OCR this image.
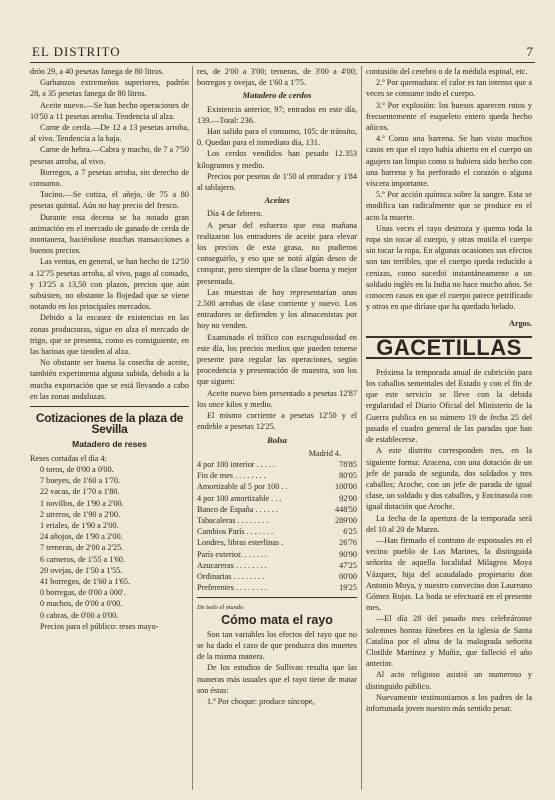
EL DISTRITO	7

drón 29, a 40 pesetas fanega de 80 litros.

Garbanzos extremeños superiores, padrón 28, a 35 pesetas fanega de 80 litros.

Aceite nuevo.—Se han hecho operaciones de 10'50 a 11 pesetas arroba. Tendencia al alza.

Carne de cerda.—De 12 a 13 pesetas arroba, al vivo. Tendencia a la baja.

Carne de hebra.—Cabra y macho, de 7 a 7'50 pesetas arroba, al vivo.

Borregos, a 7 pesetas arroba, sin derecho de consumo.

Tocino.—Se cotiza, el añejo, de 75 a 80 pesetas quintal. Aún no hay precio del fresco.

Durante esta decena se ha notado gran animación en el mercado de ganado de cerda de montanera, haciéndose muchas transacciones a buenos precios.

Las ventas, en general, se han hecho de 12'50 a 12'75 pesetas arroba, al vivo, pago al contado, y 13'25 a 13,50 con plazos, precios que aún subsisten, no obstante la flojedad que se viene notando en los principales mercados.

Debido a la escasez de existencias en las zonas productoras, sigue en alza el mercado de trigo, que se presenta, como es consiguiente, en las harinas que tienden al alza.

No obstante ser buena la cosecha de aceite, también experimenta alguna subida, debido a la mucha exportación que se está llevando a cabo en las zonas andaluzas.

Cotizaciones de la plaza de Sevilla
Matadero de reses
Reses cortadas el día 4:
0 toros, de 0'00 a 0'00.
7 bueyes, de 1'60 a 1'70.
22 vacas, de 1'70 a 1'80.
1 novillos, de 1'90 a 2'00.
2 utreros, de 1'90 a 2'00.
1 eriales, de 1'90 a 2'00.
24 añojos, de 1'90 a 2'00.
7 terneras, de 2'00 a 2'25.
6 carneros, de 1'55 a 1'60.
20 ovejas, de 1'50 a 1'55.
41 borregos, de 1'60 a 1'65.
0 borregas, de 0'00 a 000'.
0 machos, de 0'00 a 0'00.
0 cabras, de 0'00 a 0'00.

Precios para el público: reses mayo-

res, de 2'00 a 3'00; terneras, de 3'00 a 4'00; borregos y ovejas, de 1'60 a 1'75.

Matadero de cerdos

Existencia anterior, 97; entrados en este día, 139.—Total: 236.

Han salido para el consumo, 105; de tránsito, 0. Quedan para el inmediato día, 131.

Los cerdos vendidos han pesado 12.353 kilogramos y medio.

Precios por pesetas de 1'50 al entrador y 1'84 al tablajero.

Aceites

Día 4 de febrero.

A pesar del esfuerzo que esta mañana realizaron los entradores de aceite para elevar los precios de esta grasa, no pudieron conseguirlo, y eso que se notó algún deseo de comprar, pero siempre de la clase buena y mejor presentada.

Las muestras de hoy representarían unas 2.500 arrobas de clase corriente y nuevo. Los entradores se defienden y los almacenistas por hoy no venden.

Examinado el tráfico con escrupulosidad en este día, los precios medios que pueden tenerse presente para regular las operaciones, según procedencia y presentación de muestra, son los que siguen:

Aceite nuevo bien presentado a pesetas 12'87 los once kilos y medio.

El mismo corriente a pesetas 12'50 y el endeble a pesetas 12'25.

Bolsa
Madrid 4.
4 por 100 interior . . . . .	78'85
Fin de mes . . . . . . . .	80'05
Amortizable al 5 por 100 . .	100'00
4 por 100 amortizable . . .	92'00
Banco de España . . . . . .	448'50
Tabacaleras . . . . . . . .	289'00
Cambios París . . . . . . .	6'25
Londres, libras esterlinas .	26'76
París exterior. . . . . . .	90'90
Azucareras . . . . . . . .	47'25
Ordinarias . . . . . . . .	00'00
Preferentes . . . . . . . .	19'25
De todo el mundo
Cómo mata el rayo

Son tan variables los efectos del rayo que no se ha dado el caso de que produzca dos muertes de la misma manera.

De los estudios de Sullivan resulta que las maneras más usuales que el rayo tiene de matar son éstas:

1.º Por choque: produce síncope,

contusión del cerebro o de la médula espinal, etc.

2.º Por quemadura: el calor es tan intenso que a veces se consume todo el cuerpo.

3.º Por explosión: los huesos aparecen rotos y frecuentemente el esqueleto entero queda hecho añicos.

4.º Como una barrena. Se han visto muchos casos en que el rayo había abierto en el cuerpo un agujero tan limpio como si hubiera sido hecho con una barrena y ha perforado el corazón o alguna víscera importante.

5.º Por acción química sobre la sangre. Esta se modifica tan radicalmente que se produce en el acto la muerte.

Unas veces el rayo destroza y quema toda la ropa sin tocar al cuerpo, y otras mutila el cuerpo sin tocar la ropa. En algunas ocasiones sus efectos son tan terribles, que el cuerpo queda reducido a cenizas, como sucedió instantáneamente a un soldado inglés en la India no hace mucho años. Se conocen casos en que el cuerpo parece petrificado y otros en que diríase que ha quedado helado.

Argos.
GACETILLAS

Próxima la temporada anual de cubrición para los caballos sementales del Estado y con el fin de que este servicio se lleve con la debida regularidad el Diario Oficial del Ministerio de la Guerra publica en su número 19 de fecha 25 del pasado el cuadro general de las paradas que han de establecerse.

A este distrito corresponden tres, en la siguiente forma: Aracena, con una dotación de un jefe de parada de segunda, dos soldados y tres caballos; Aroche, con un jefe de parada de igual clase, un soldado y dos caballos, y Encinasola con igual dotación que Aroche.

La fecha de la apertura de la temporada será del 10 al 20 de Marzo.

—Han firmado el contrato de esponsales en el vecino pueblo de Los Marines, la distinguida señorita de aquella localidad Milagros Moya Vázquez, hija del acaudalado propietario don Antonio Moya, y nuestro convecino don Laureano Gómez Rojas. La boda se efectuará en el presente mes.

—El día 28 del pasado mes celebráronse solemnes honras fúnebres en la iglesia de Santa Catalina por el alma de la malograda señorita Clotilde Martínez y Muñiz, que falleció el año anterior.

Al acto religioso asistió un numeroso y distinguido público.

Nuevamente testimoniamos a los padres de la infortunada joven nuestro más sentido pesar.
